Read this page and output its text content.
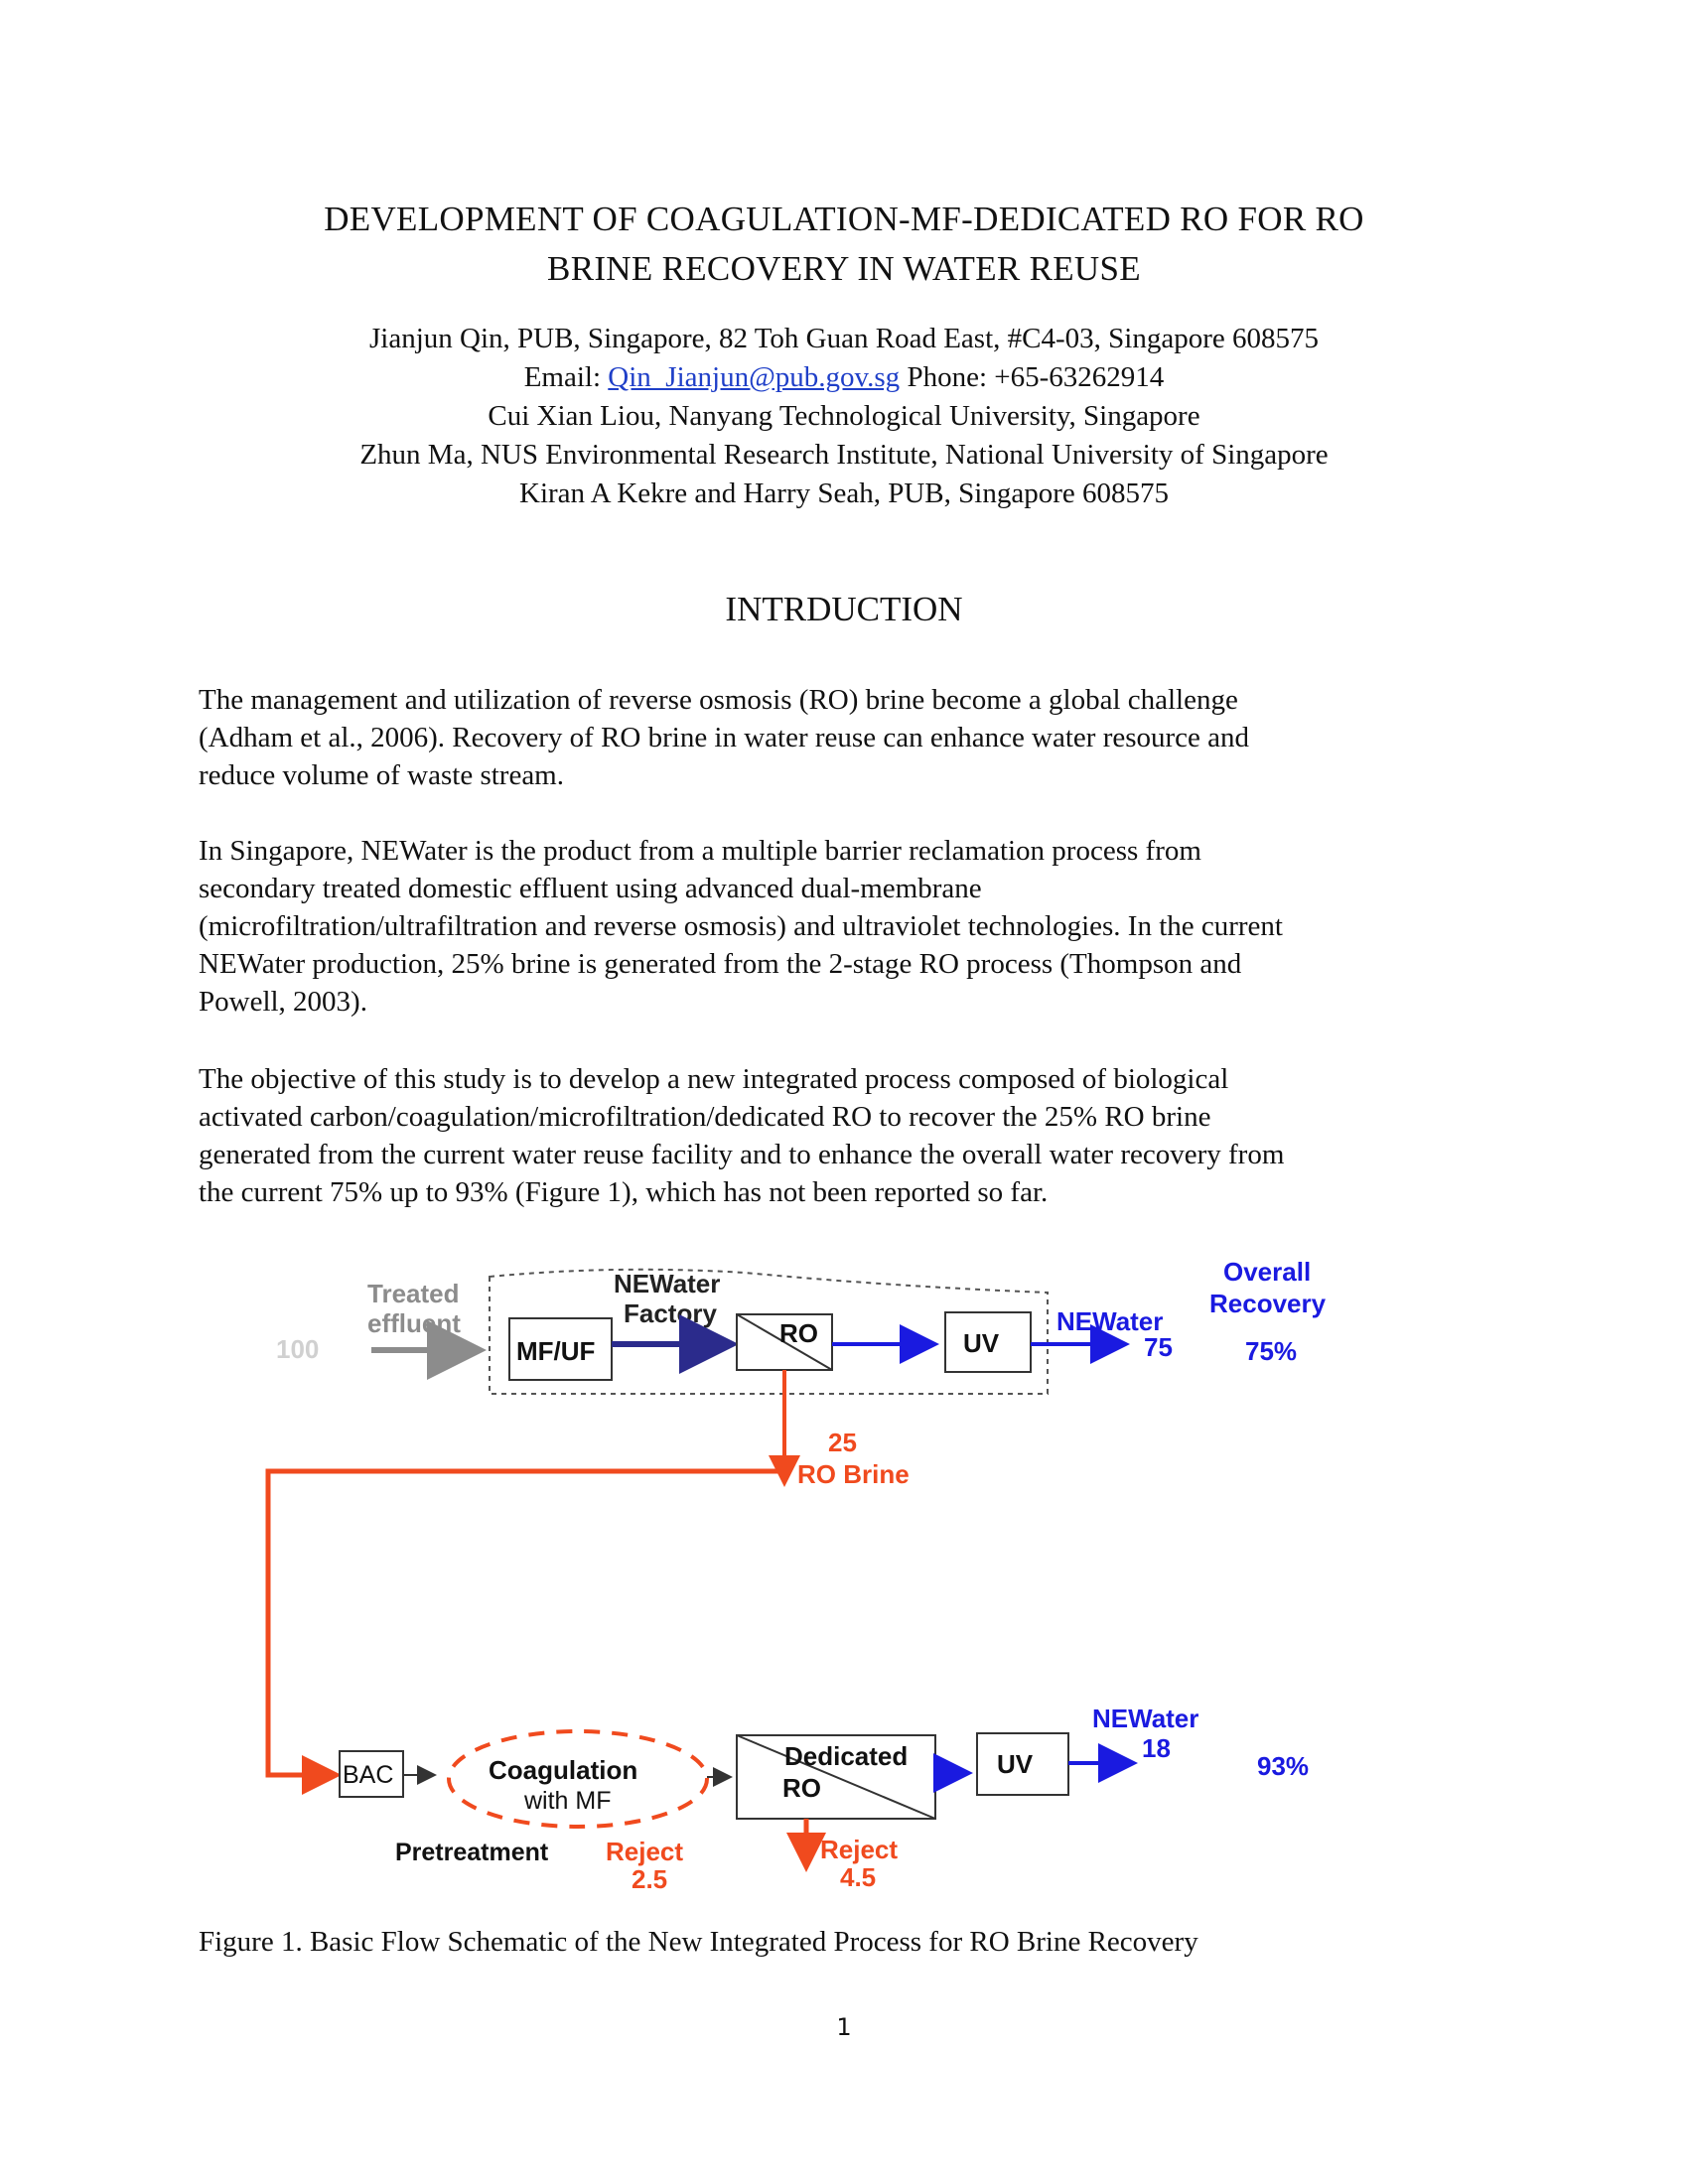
DEVELOPMENT OF COAGULATION-MF-DEDICATED RO FOR RO
BRINE RECOVERY IN WATER REUSE
Jianjun Qin, PUB, Singapore, 82 Toh Guan Road East, #C4-03, Singapore 608575
Email: Qin_Jianjun@pub.gov.sg Phone: +65-63262914
Cui Xian Liou, Nanyang Technological University, Singapore
Zhun Ma, NUS Environmental Research Institute, National University of Singapore
Kiran A Kekre and Harry Seah, PUB, Singapore 608575
INTRDUCTION
The management and utilization of reverse osmosis (RO) brine become a global challenge
(Adham et al., 2006). Recovery of RO brine in water reuse can enhance water resource and
reduce volume of waste stream.
In Singapore, NEWater is the product from a multiple barrier reclamation process from
secondary treated domestic effluent using advanced dual-membrane
(microfiltration/ultrafiltration and reverse osmosis) and ultraviolet technologies. In the current
NEWater production, 25% brine is generated from the 2-stage RO process (Thompson and
Powell, 2003).
The objective of this study is to develop a new integrated process composed of biological
activated carbon/coagulation/microfiltration/dedicated RO to recover the 25% RO brine
generated from the current water reuse facility and to enhance the overall water recovery from
the current 75% up to 93% (Figure 1), which has not been reported so far.
Treated
effluent
100
NEWater
Factory
MF/UF
RO	UV
NEWater
75
Overall
Recovery
75%
25
RO Brine
BAC	Coagulation
with MF
Pretreatment Reject
2.5
Dedicated
RO
Reject
4.5
UV
NEWater
18
93%
Figure 1. Basic Flow Schematic of the New Integrated Process for RO Brine Recovery
1
